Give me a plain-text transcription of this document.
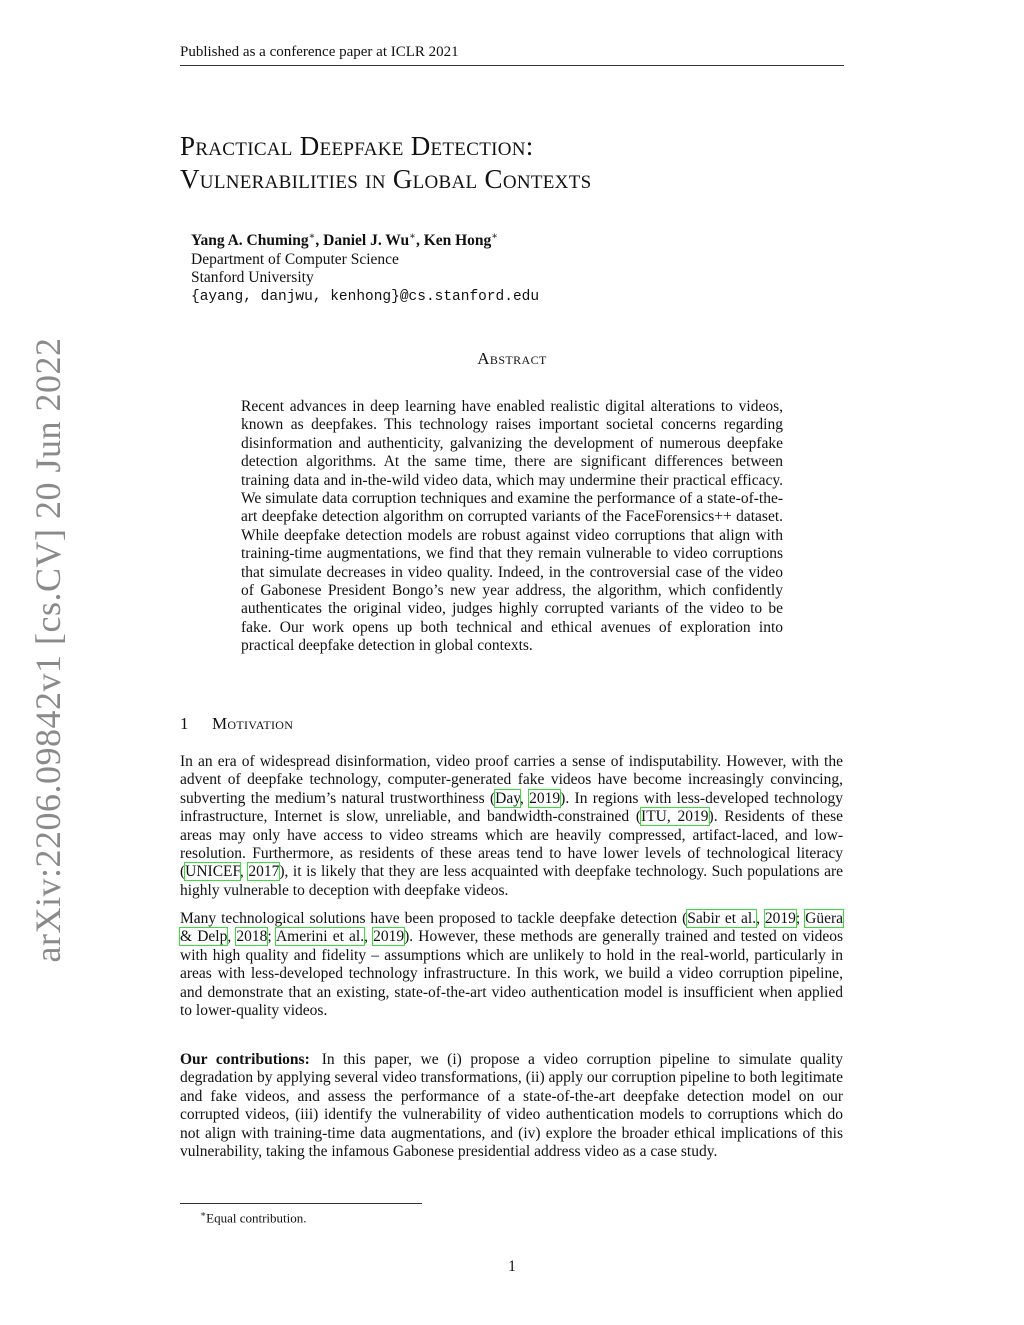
Published as a conference paper at ICLR 2021
Practical Deepfake Detection:
Vulnerabilities in Global Contexts
Yang A. Chuming∗, Daniel J. Wu∗, Ken Hong∗
Department of Computer Science
Stanford University
{ayang, danjwu, kenhong}@cs.stanford.edu
Abstract

Recent advances in deep learning have enabled realistic digital alterations to videos, known as deepfakes. This technology raises important societal concerns regarding disinformation and authenticity, galvanizing the development of numerous deepfake detection algorithms. At the same time, there are significant differences between training data and in-the-wild video data, which may undermine their practical efficacy. We simulate data corruption techniques and examine the performance of a state-of-the-art deepfake detection algorithm on corrupted variants of the FaceForensics++ dataset. While deepfake detection models are robust against video corruptions that align with training-time augmentations, we find that they remain vulnerable to video corruptions that simulate decreases in video quality. Indeed, in the controversial case of the video of Gabonese President Bongo’s new year address, the algorithm, which confidently authenticates the original video, judges highly corrupted variants of the video to be fake. Our work opens up both technical and ethical avenues of exploration into practical deepfake detection in global contexts.

1 Motivation

In an era of widespread disinformation, video proof carries a sense of indisputability. However, with the advent of deepfake technology, computer-generated fake videos have become increasingly convincing, subverting the medium’s natural trustworthiness (Day, 2019). In regions with less-developed technology infrastructure, Internet is slow, unreliable, and bandwidth-constrained (ITU, 2019). Residents of these areas may only have access to video streams which are heavily compressed, artifact-laced, and low-resolution. Furthermore, as residents of these areas tend to have lower levels of technological literacy (UNICEF, 2017), it is likely that they are less acquainted with deepfake technology. Such populations are highly vulnerable to deception with deepfake videos.

Many technological solutions have been proposed to tackle deepfake detection (Sabir et al., 2019; Güera & Delp, 2018; Amerini et al., 2019). However, these methods are generally trained and tested on videos with high quality and fidelity – assumptions which are unlikely to hold in the real-world, particularly in areas with less-developed technology infrastructure. In this work, we build a video corruption pipeline, and demonstrate that an existing, state-of-the-art video authentication model is insufficient when applied to lower-quality videos.

Our contributions: In this paper, we (i) propose a video corruption pipeline to simulate quality degradation by applying several video transformations, (ii) apply our corruption pipeline to both legitimate and fake videos, and assess the performance of a state-of-the-art deepfake detection model on our corrupted videos, (iii) identify the vulnerability of video authentication models to corruptions which do not align with training-time data augmentations, and (iv) explore the broader ethical implications of this vulnerability, taking the infamous Gabonese presidential address video as a case study.

∗Equal contribution.
1
arXiv:2206.09842v1 [cs.CV] 20 Jun 2022
